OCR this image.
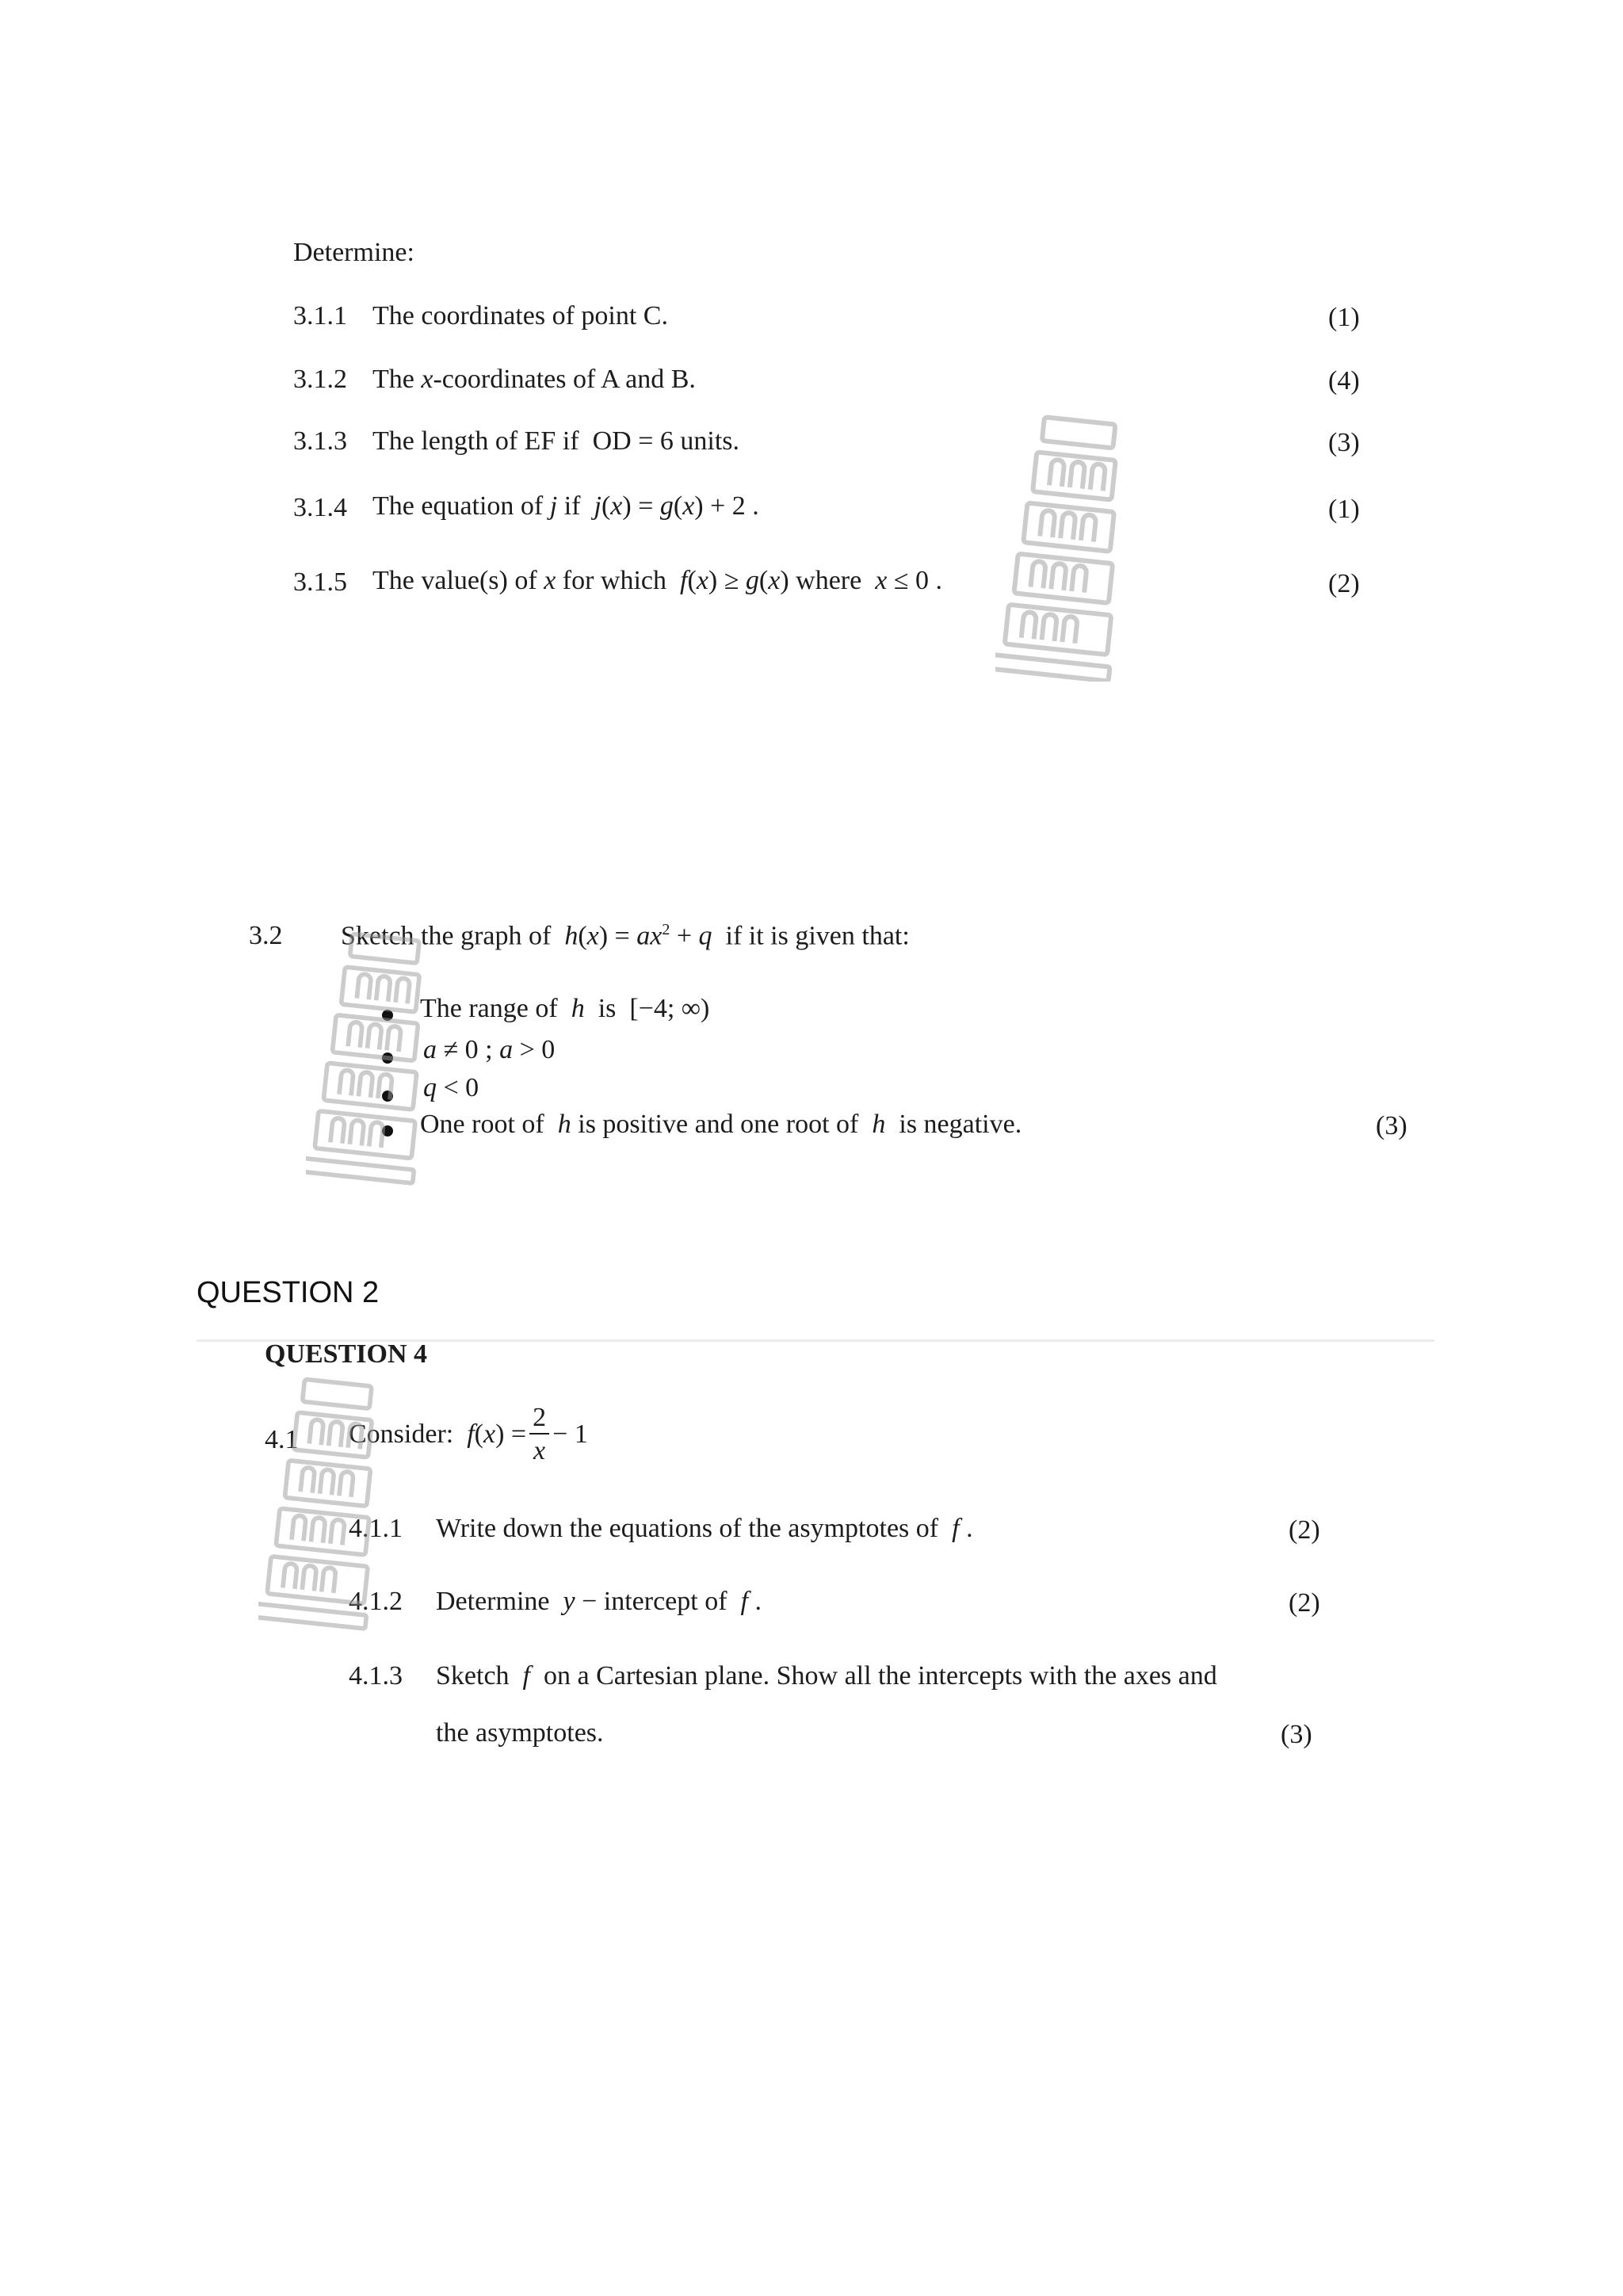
Determine:
3.1.1 The coordinates of point C.	(1)
3.1.2 The x-coordinates of A and B.	(4)
3.1.3 The length of EF if  OD = 6 units.	(3)
3.1.4 The equation of j if  j(x) = g(x) + 2 .	(1)
3.1.5 The value(s) of x for which  f(x) ≥ g(x) where  x ≤ 0 .	(2)
3.2 Sketch the graph of  $h(x) = ax^2 + q$  if it is given that:
The range of  h  is  [−4; ∞)
a ≠ 0 ; a > 0
q < 0
One root of  h is positive and one root of  h  is negative.	(3)
QUESTION 2
QUESTION 4
4.1 Consider:  $f(x) = \frac{2}{x} - 1$
4.1.1 Write down the equations of the asymptotes of  f .	(2)
4.1.2 Determine  y − intercept of  f .	(2)
4.1.3 Sketch  f  on a Cartesian plane. Show all the intercepts with the axes and
the asymptotes.	(3)
